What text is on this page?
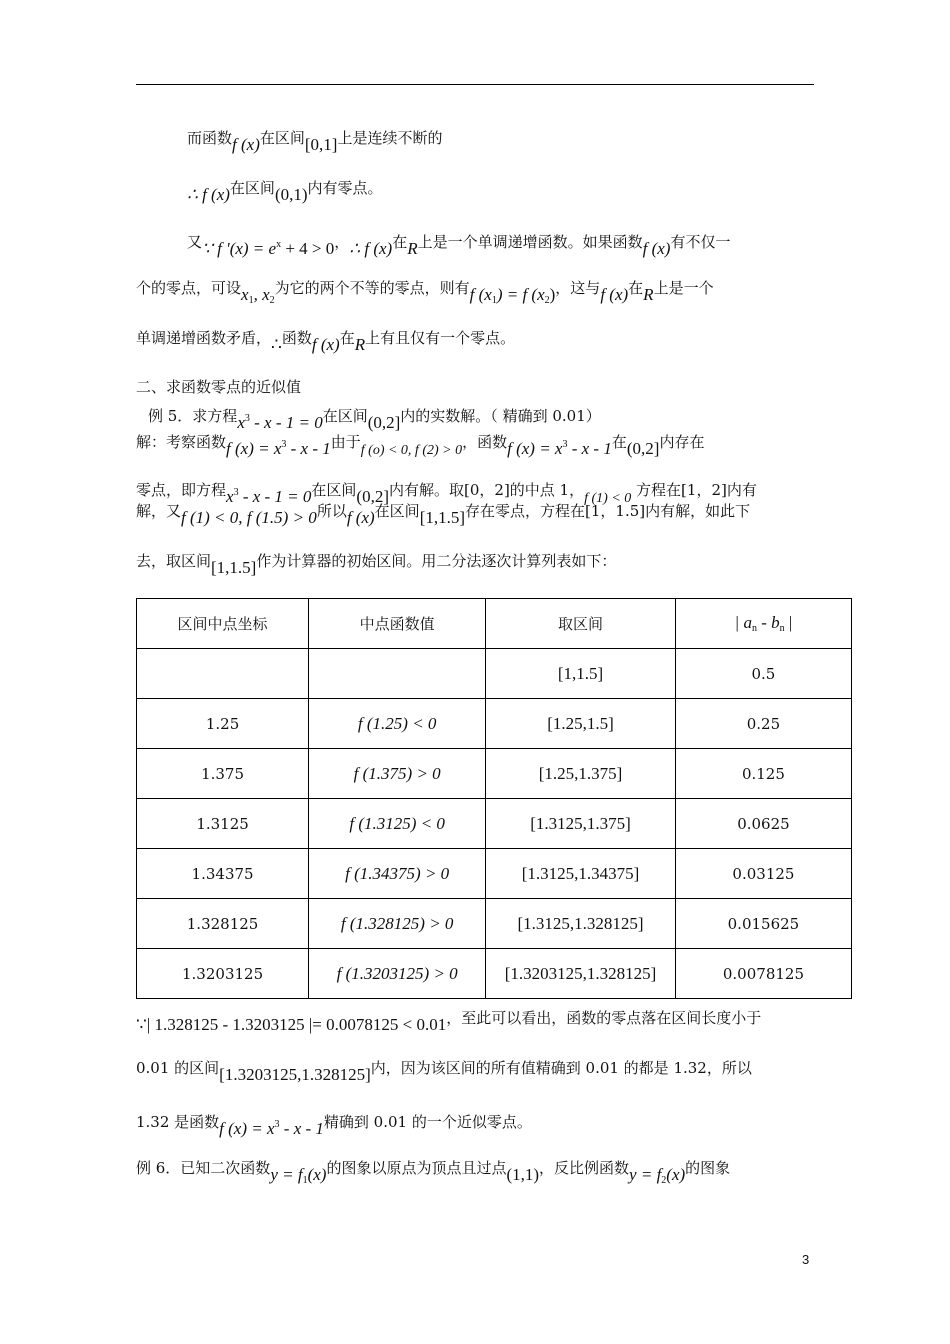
而函数f (x)在区间[0,1]上是连续不断的
∴ f (x)在区间(0,1)内有零点。
又∵ f '$(x) = e^x + 4 > 0$，∴ f (x)在R上是一个单调递增函数。如果函数f (x)有不仅一
个的零点，可设$x_1$, $x_2$为它的两个不等的零点，则有f $(x_1) = f$ $(x_2)$，这与f (x)在R上是一个
单调递增函数矛盾，∴函数f (x)在R上有且仅有一个零点。
二、求函数零点的近似值
例 5．求方程$x^3 - x - 1 = 0$在区间(0,2]内的实数解。（ 精确到 0.01）
解：考察函数f $(x) = x^3 - x - 1$由于f (o) < 0, f (2) > 0，函数f $(x) = x^3 - x - 1$在(0,2]内存在
零点，即方程$x^3 - x - 1 = 0$在区间(0,2]内有解。取[0，2]的中点 1，f (1) < 0 方程在[1，2]内有
解，又f (1) < 0, f (1.5) > 0所以f (x)在区间[1,1.5]存在零点，方程在[1，1.5]内有解，如此下
去，取区间[1,1.5]作为计算器的初始区间。用二分法逐次计算列表如下：
区间中点坐标	中点函数值	取区间	| $a_n - b_n$ |
		[1,1.5]	0.5
1.25	f (1.25) < 0	[1.25,1.5]	0.25
1.375	f (1.375) > 0	[1.25,1.375]	0.125
1.3125	f (1.3125) < 0	[1.3125,1.375]	0.0625
1.34375	f (1.34375) > 0	[1.3125,1.34375]	0.03125
1.328125	f (1.328125) > 0	[1.3125,1.328125]	0.015625
1.3203125	f (1.3203125) > 0	[1.3203125,1.328125]	0.0078125
∵| 1.328125 - 1.3203125 |= 0.0078125 < 0.01，至此可以看出，函数的零点落在区间长度小于
0.01 的区间[1.3203125,1.328125]内，因为该区间的所有值精确到 0.01 的都是 1.32，所以
1.32 是函数f $(x) = x^3 - x - 1$精确到 0.01 的一个近似零点。
例 6．已知二次函数$y = f_1(x)$的图象以原点为顶点且过点(1,1)，反比例函数$y = f_2(x)$的图象
3
